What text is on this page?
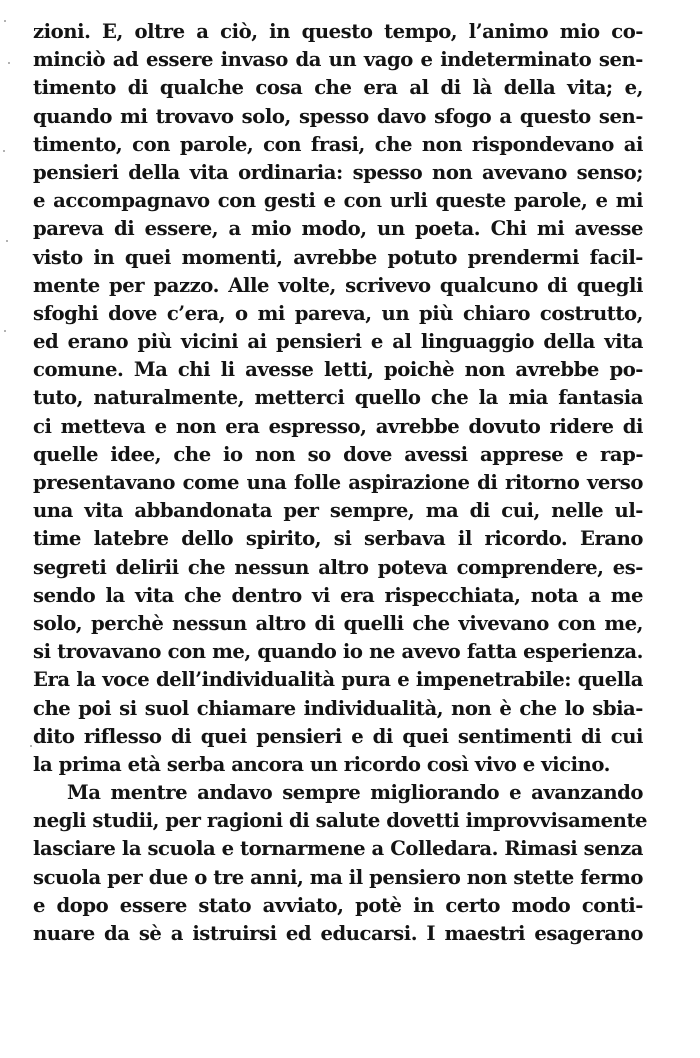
zioni. E, oltre a ciò, in questo tempo, l’animo mio co-
minciò ad essere invaso da un vago e indeterminato sen-
timento di qualche cosa che era al di là della vita; e,
quando mi trovavo solo, spesso davo sfogo a questo sen-
timento, con parole, con frasi, che non rispondevano ai
pensieri della vita ordinaria: spesso non avevano senso;
e accompagnavo con gesti e con urli queste parole, e mi
pareva di essere, a mio modo, un poeta. Chi mi avesse
visto in quei momenti, avrebbe potuto prendermi facil-
mente per pazzo. Alle volte, scrivevo qualcuno di quegli
sfoghi dove c’era, o mi pareva, un più chiaro costrutto,
ed erano più vicini ai pensieri e al linguaggio della vita
comune. Ma chi li avesse letti, poichè non avrebbe po-
tuto, naturalmente, metterci quello che la mia fantasia
ci metteva e non era espresso, avrebbe dovuto ridere di
quelle idee, che io non so dove avessi apprese e rap-
presentavano come una folle aspirazione di ritorno verso
una vita abbandonata per sempre, ma di cui, nelle ul-
time latebre dello spirito, si serbava il ricordo. Erano
segreti delirii che nessun altro poteva comprendere, es-
sendo la vita che dentro vi era rispecchiata, nota a me
solo, perchè nessun altro di quelli che vivevano con me,
si trovavano con me, quando io ne avevo fatta esperienza.
Era la voce dell’individualità pura e impenetrabile: quella
che poi si suol chiamare individualità, non è che lo sbia-
dito riflesso di quei pensieri e di quei sentimenti di cui
la prima età serba ancora un ricordo così vivo e vicino.
Ma mentre andavo sempre migliorando e avanzando
negli studii, per ragioni di salute dovetti improvvisamente
lasciare la scuola e tornarmene a Colledara. Rimasi senza
scuola per due o tre anni, ma il pensiero non stette fermo
e dopo essere stato avviato, potè in certo modo conti-
nuare da sè a istruirsi ed educarsi. I maestri esagerano
